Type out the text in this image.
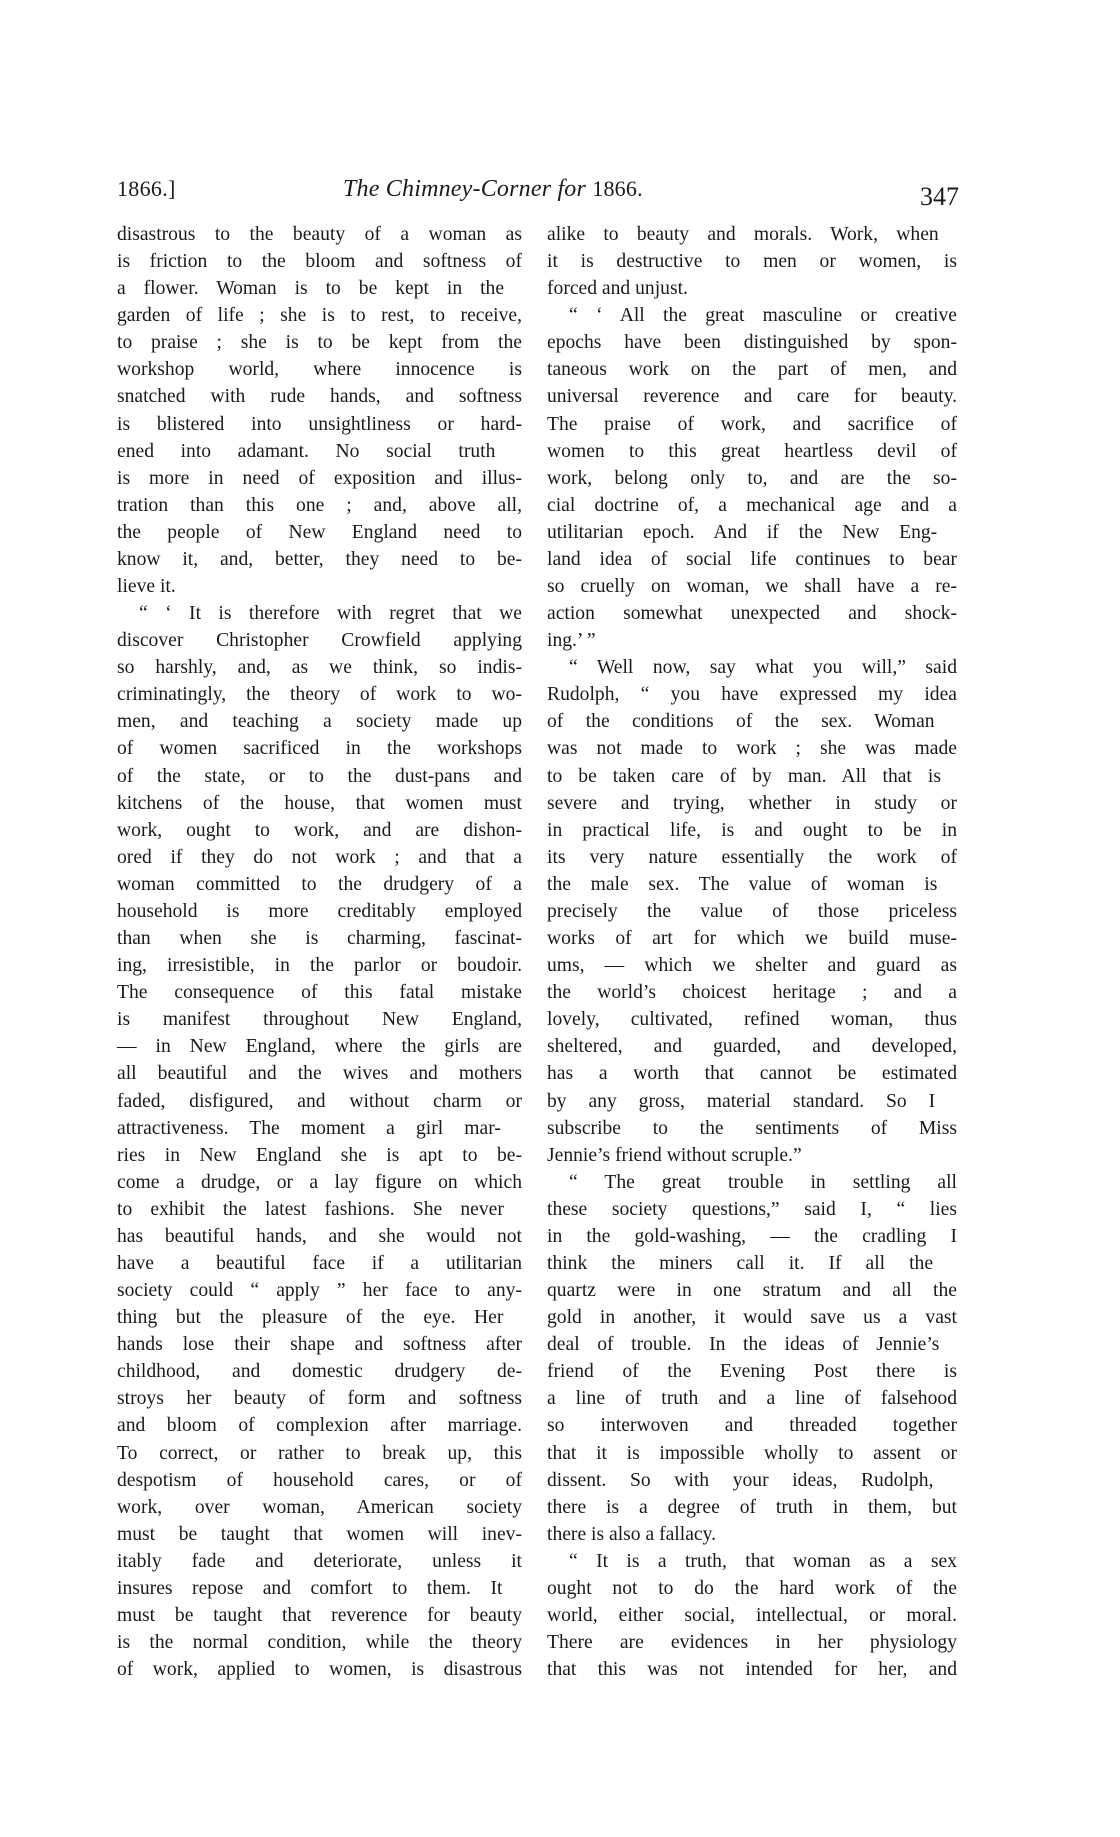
1866.]	The Chimney-Corner for 1866.	347
disastrous to the beauty of a woman as
is friction to the bloom and softness of
a flower. Woman is to be kept in the
garden of life ; she is to rest, to receive,
to praise ; she is to be kept from the
workshop world, where innocence is
snatched with rude hands, and softness
is blistered into unsightliness or hard-
ened into adamant. No social truth
is more in need of exposition and illus-
tration than this one ; and, above all,
the people of New England need to
know it, and, better, they need to be-
lieve it.
“ ‘ It is therefore with regret that we
discover Christopher Crowfield applying
so harshly, and, as we think, so indis-
criminatingly, the theory of work to wo-
men, and teaching a society made up
of women sacrificed in the workshops
of the state, or to the dust-pans and
kitchens of the house, that women must
work, ought to work, and are dishon-
ored if they do not work ; and that a
woman committed to the drudgery of a
household is more creditably employed
than when she is charming, fascinat-
ing, irresistible, in the parlor or boudoir.
The consequence of this fatal mistake
is manifest throughout New England,
— in New England, where the girls are
all beautiful and the wives and mothers
faded, disfigured, and without charm or
attractiveness. The moment a girl mar-
ries in New England she is apt to be-
come a drudge, or a lay figure on which
to exhibit the latest fashions. She never
has beautiful hands, and she would not
have a beautiful face if a utilitarian
society could “ apply ” her face to any-
thing but the pleasure of the eye. Her
hands lose their shape and softness after
childhood, and domestic drudgery de-
stroys her beauty of form and softness
and bloom of complexion after marriage.
To correct, or rather to break up, this
despotism of household cares, or of
work, over woman, American society
must be taught that women will inev-
itably fade and deteriorate, unless it
insures repose and comfort to them. It
must be taught that reverence for beauty
is the normal condition, while the theory
of work, applied to women, is disastrous
alike to beauty and morals. Work, when
it is destructive to men or women, is
forced and unjust.
“ ‘ All the great masculine or creative
epochs have been distinguished by spon-
taneous work on the part of men, and
universal reverence and care for beauty.
The praise of work, and sacrifice of
women to this great heartless devil of
work, belong only to, and are the so-
cial doctrine of, a mechanical age and a
utilitarian epoch. And if the New Eng-
land idea of social life continues to bear
so cruelly on woman, we shall have a re-
action somewhat unexpected and shock-
ing.’ ”
“ Well now, say what you will,” said
Rudolph, “ you have expressed my idea
of the conditions of the sex. Woman
was not made to work ; she was made
to be taken care of by man. All that is
severe and trying, whether in study or
in practical life, is and ought to be in
its very nature essentially the work of
the male sex. The value of woman is
precisely the value of those priceless
works of art for which we build muse-
ums, — which we shelter and guard as
the world’s choicest heritage ; and a
lovely, cultivated, refined woman, thus
sheltered, and guarded, and developed,
has a worth that cannot be estimated
by any gross, material standard. So I
subscribe to the sentiments of Miss
Jennie’s friend without scruple.”
“ The great trouble in settling all
these society questions,” said I, “ lies
in the gold-washing, — the cradling I
think the miners call it. If all the
quartz were in one stratum and all the
gold in another, it would save us a vast
deal of trouble. In the ideas of Jennie’s
friend of the Evening Post there is
a line of truth and a line of falsehood
so interwoven and threaded together
that it is impossible wholly to assent or
dissent. So with your ideas, Rudolph,
there is a degree of truth in them, but
there is also a fallacy.
“ It is a truth, that woman as a sex
ought not to do the hard work of the
world, either social, intellectual, or moral.
There are evidences in her physiology
that this was not intended for her, and
